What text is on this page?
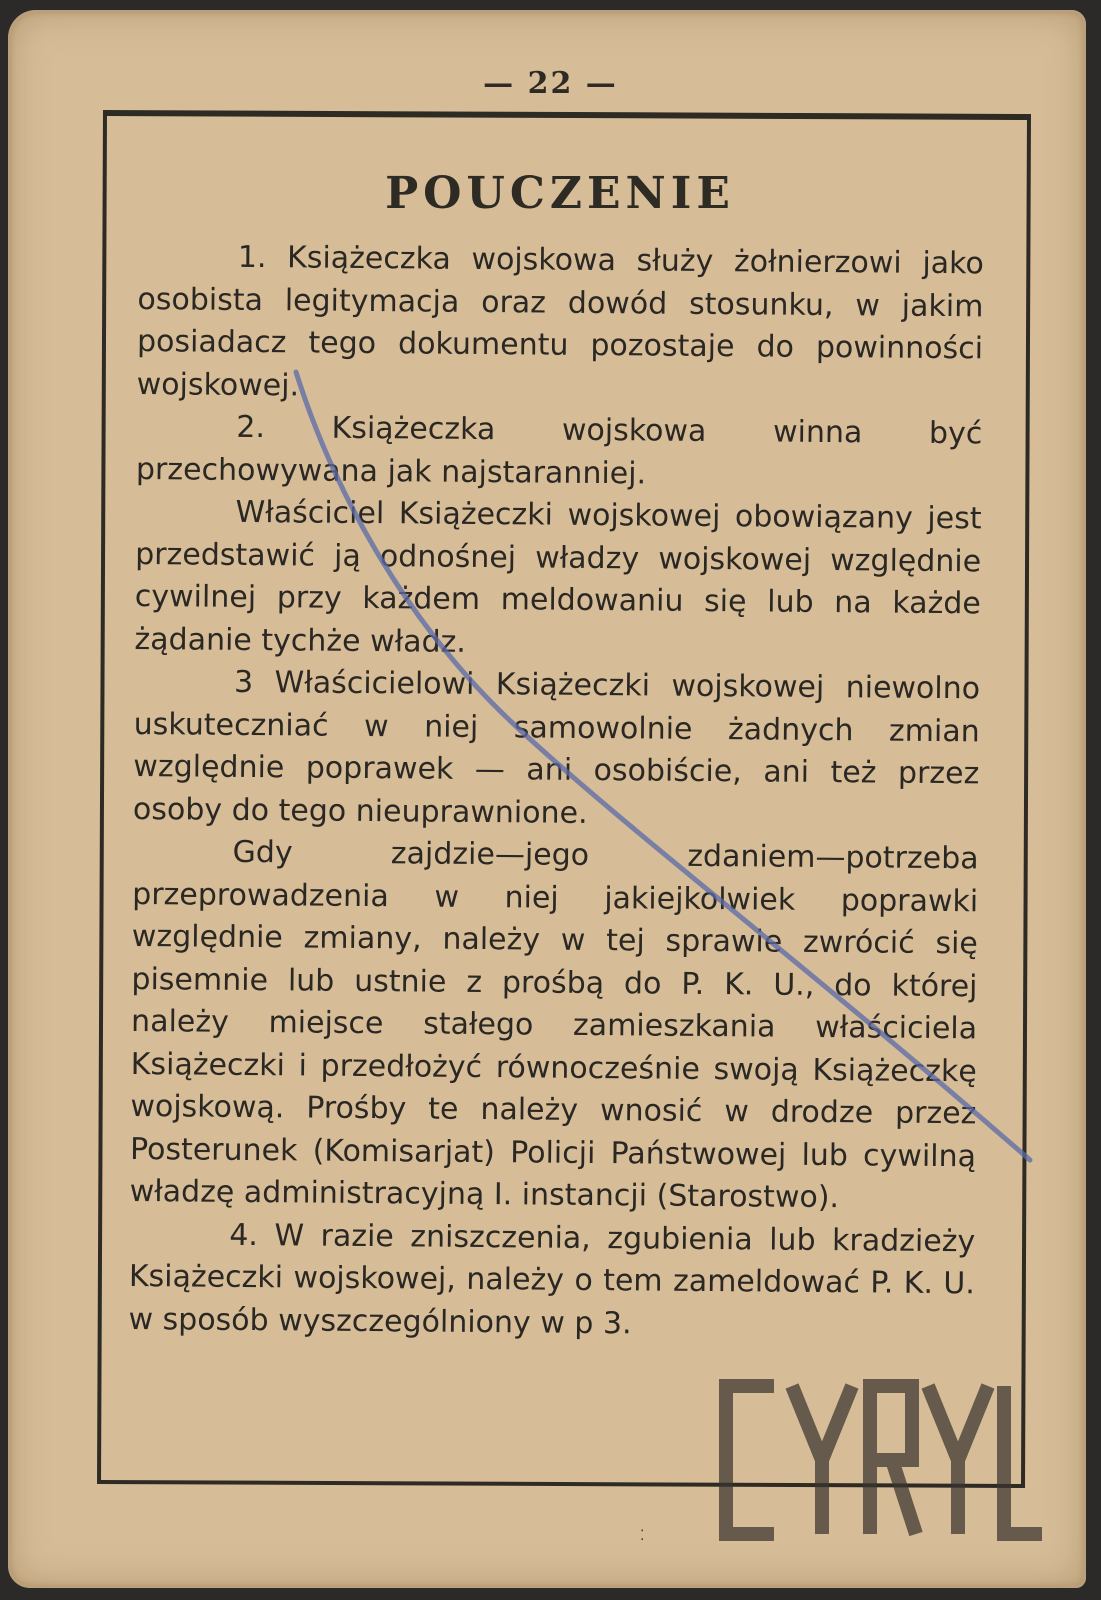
— 22 —
POUCZENIE

1. Książeczka wojskowa służy żołnierzowi jako osobista legitymacja oraz dowód stosunku, w jakim posiadacz tego dokumentu pozostaje do powinności wojskowej.

2. Książeczka wojskowa winna być przechowywana jak najstaranniej.

Właściciel Książeczki wojskowej obowiązany jest przedstawić ją odnośnej władzy wojskowej względnie cywilnej przy każdem meldowaniu się lub na każde żądanie tychże władz.

3 Właścicielowi Książeczki wojskowej niewolno uskuteczniać w niej samowolnie żadnych zmian względnie poprawek — ani osobiście, ani też przez osoby do tego nieuprawnione.

Gdy zajdzie—jego zdaniem—potrzeba przeprowadzenia w niej jakiejkolwiek poprawki względnie zmiany, należy w tej sprawie zwrócić się pisemnie lub ustnie z prośbą do P. K. U., do której należy miejsce stałego zamieszkania właściciela Książeczki i przedłożyć równocześnie swoją Książeczkę wojskową. Prośby te należy wnosić w drodze przez Posterunek (Komisarjat) Policji Państwowej lub cywilną władzę administracyjną I. instancji (Starostwo).

4. W razie zniszczenia, zgubienia lub kradzieży Książeczki wojskowej, należy o tem zameldować P. K. U. w sposób wyszczególniony w p 3.

⁚
